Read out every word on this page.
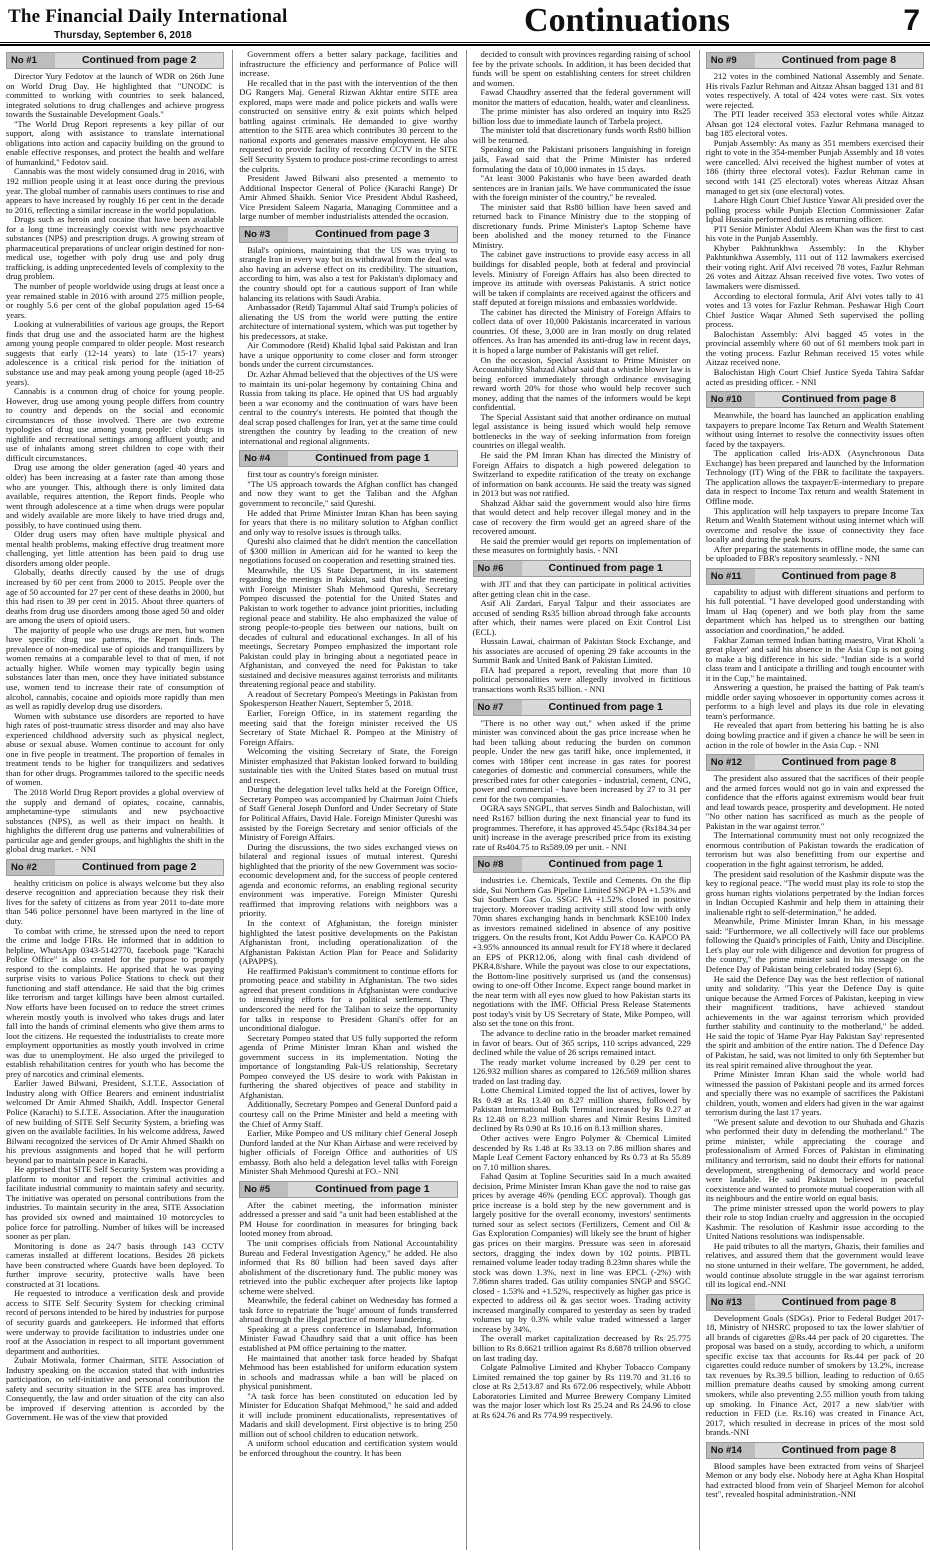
The Financial Daily International
Thursday, September 6, 2018	Continuations	7
No #1	Continued from page 2

Director Yury Fedotov at the launch of WDR on 26th June on World Drug Day. He highlighted that "UNODC is committed to working with countries to seek balanced, integrated solutions to drug challenges and achieve progress towards the Sustainable Development Goals."

"The World Drug Report represents a key pillar of our support, along with assistance to translate international obligations into action and capacity building on the ground to enable effective responses, and protect the health and welfare of humankind," Fedotov said.

Cannabis was the most widely consumed drug in 2016, with 192 million people using it at least once during the previous year. The global number of cannabis users continues to rise and appears to have increased by roughly 16 per cent in the decade to 2016, reflecting a similar increase in the world population.

Drugs such as heroin and cocaine that have been available for a long time increasingly coexist with new psychoactive substances (NPS) and prescription drugs. A growing stream of pharmaceutical preparations of unclear origin destined for non-medical use, together with poly drug use and poly drug trafficking, is adding unprecedented levels of complexity to the drug problem.

The number of people worldwide using drugs at least once a year remained stable in 2016 with around 275 million people, or roughly 5.6 per cent of the global population aged 15-64 years.

Looking at vulnerabilities of various age groups, the Report finds that drug use and the associated harm are the highest among young people compared to older people. Most research suggests that early (12-14 years) to late (15-17 years) adolescence is a critical risk period for the initiation of substance use and may peak among young people (aged 18-25 years).

Cannabis is a common drug of choice for young people. However, drug use among young people differs from country to country and depends on the social and economic circumstances of those involved. There are two extreme typologies of drug use among young people: club drugs in nightlife and recreational settings among affluent youth; and use of inhalants among street children to cope with their difficult circumstances.

Drug use among the older generation (aged 40 years and older) has been increasing at a faster rate than among those who are younger. This, although there is only limited data available, requires attention, the Report finds. People who went through adolescence at a time when drugs were popular and widely available are more likely to have tried drugs and, possibly, to have continued using them.

Older drug users may often have multiple physical and mental health problems, making effective drug treatment more challenging, yet little attention has been paid to drug use disorders among older people.

Globally, deaths directly caused by the use of drugs increased by 60 per cent from 2000 to 2015. People over the age of 50 accounted for 27 per cent of these deaths in 2000, but this had risen to 39 per cent in 2015. About three quarters of deaths from drug use disorders among those aged 50 and older are among the users of opioid users.

The majority of people who use drugs are men, but women have specific drug use patterns, the Report finds. The prevalence of non-medical use of opioids and tranquillizers by women remains at a comparable level to that of men, if not actually higher. While women may typically begin using substances later than men, once they have initiated substance use, women tend to increase their rate of consumption of alcohol, cannabis, cocaine and opioids more rapidly than men as well as rapidly develop drug use disorders.

Women with substance use disorders are reported to have high rates of post-traumatic stress disorder and may also have experienced childhood adversity such as physical neglect, abuse or sexual abuse. Women continue to account for only one in five people in treatment. The proportion of females in treatment tends to be higher for tranquilizers and sedatives than for other drugs. Programmes tailored to the specific needs of women.

The 2018 World Drug Report provides a global overview of the supply and demand of opiates, cocaine, cannabis, amphetamine-type stimulants and new psychoactive substances (NPS), as well as their impact on health. It highlights the different drug use patterns and vulnerabilities of particular age and gender groups, and highlights the shift in the global drug market. - NNI

No #2	Continued from page 2

healthy criticism on police is always welcome but they also deserve recognition and appreciation because they risk their lives for the safety of citizens as from year 2011 to-date more than 546 police personnel have been martyred in the line of duty.

To combat with crime, he stressed upon the need to report the crime and lodge FIRs. He informed that in addition to helpline, WhatsApp 0343-5142770, facebook page "Karachi Police Office" is also created for the purpose to promptly respond to the complaints. He apprised that he was paying surprise visits to various Police Stations to check out their functioning and staff attendance. He said that the big crimes like terrorism and target killings have been almost curtailed. Now efforts have been focused on to reduce the street crimes wherein mostly youth is involved who takes drugs and later fall into the hands of criminal elements who give them arms to loot the citizens. He requested the industrialists to create more employment opportunities as mostly youth involved in crime was due to unemployment. He also urged the privileged to establish rehabilitation centres for youth who has become the prey of narcotics and criminal elements.

Earlier Jawed Bilwani, President, S.I.T.E. Association of Industry along with Office Bearers and eminent industrialist welcomed Dr Amir Ahmed Shaikh, Addl. Inspector General Police (Karachi) to S.I.T.E. Association. After the inauguration of new building of SITE Self Security System, a briefing was given on the available facilities. In his welcome address, Jawed Bilwani recognized the services of Dr Amir Ahmed Shaikh on his previous assignments and hoped that he will perform beyond par to maintain peace in Karachi.

He apprised that SITE Self Security System was providing a platform to monitor and report the criminal activities and facilitate industrial community to maintain safety and security. The initiative was operated on personal contributions from the industries. To maintain security in the area, SITE Association has provided six owned and maintained 10 motorcycles to police force for patrolling. Number of bikes will be increased sooner as per plan.

Monitoring is done as 24/7 basis through 143 CCTV cameras installed at different locations. Besides 28 pickets have been constructed where Guards have been deployed. To further improve security, protective walls have been constructed at 31 locations.

He requested to introduce a verification desk and provide access to SITE Self Security System for checking criminal record of persons intended to be hired by industries for purpose of security guards and gatekeepers. He informed that efforts were underway to provide facilitation to industries under one roof at the Association in respect to all important government department and authorities.

Zubair Motiwala, former Chairman, SITE Association of Industry speaking on the occasion stated that with industries participation, on self-initiative and personal contribution the safety and security situation in the SITE area has improved. Consequently, the law and order situation of the city can also be improved if deserving attention is accorded by the Government. He was of the view that provided

Government offers a better salary package, facilities and infrastructure the efficiency and performance of Police will increase.

He recalled that in the past with the intervention of the then DG Rangers Maj. General Rizwan Akhtar entire SITE area explored, maps were made and police pickets and walls were constructed on sensitive entry & exit points which helped battling against criminals. He demanded to give worthy attention to the SITE area which contributes 30 percent to the national exports and generates massive employment. He also requested to provide facility of recording CCTV in the SITE Self Security System to produce post-crime recordings to arrest the culprits.

President Jawed Bilwani also presented a memento to Additional Inspector General of Police (Karachi Range) Dr Amir Ahmed Shaikh. Senior Vice President Abdul Rasheed, Vice President Saleem Nagaria, Managing Committee and a large number of member industrialists attended the occasion.

No #3	Continued from page 3

Bilal's opinions, maintaining that the US was trying to strangle Iran in every way but its withdrawal from the deal was also having an adverse effect on its credibility. The situation, according to him, was also a test for Pakistan's diplomacy and the country should opt for a cautious support of Iran while balancing its relations with Saudi Arabia.

Ambassador (Retd) Tajammul Altaf said Trump's policies of alienating the US from the world were putting the entire architecture of international system, which was put together by his predecessors, at stake.

Air Commodore (Retd) Khalid Iqbal said Pakistan and Iran have a unique opportunity to come closer and form stronger bonds under the current circumstances.

Dr. Azhar Ahmad believed that the objectives of the US were to maintain its uni-polar hegemony by containing China and Russia from taking its place. He opined that US had arguably been a war economy and the continuation of wars have been central to the country's interests. He pointed that though the deal scrap posed challenges for Iran, yet at the same time could strengthen the country by leading to the creation of new international and regional alignments.

No #4	Continued from page 1

first tour as country's foreign minister.

"The US approach towards the Afghan conflict has changed and now they want to get the Taliban and the Afghan government to reconcile," said Qureshi.

He added that Prime Minister Imran Khan has been saying for years that there is no military solution to Afghan conflict and only way to resolve issues is through talks.

Qureshi also claimed that he didn't mention the cancellation of $300 million in American aid for he wanted to keep the negotiations focused on cooperation and resetting strained ties.

Meanwhile, the US State Department, in its statement regarding the meetings in Pakistan, said that while meeting with Foreign Minister Shah Mehmood Qureshi, Secretary Pompeo discussed the potential for the United States and Pakistan to work together to advance joint priorities, including regional peace and stability. He also emphasized the value of strong people-to-people ties between our nations, built on decades of cultural and educational exchanges. In all of his meetings, Secretary Pompeo emphasized the important role Pakistan could play in bringing about a negotiated peace in Afghanistan, and conveyed the need for Pakistan to take sustained and decisive measures against terrorists and militants threatening regional peace and stability.

A readout of Secretary Pompeo's Meetings in Pakistan from Spokesperson Heather Nauert, September 5, 2018.

Earlier, Foreign Office, in its statement regarding the meeting said that the foreign minister received the US Secretary of State Michael R. Pompeo at the Ministry of Foreign Affairs.

Welcoming the visiting Secretary of State, the Foreign Minister emphasized that Pakistan looked forward to building sustainable ties with the United States based on mutual trust and respect.

During the delegation level talks held at the Foreign Office, Secretary Pompeo was accompanied by Chairman Joint Chiefs of Staff General Joseph Dunford and Under Secretary of State for Political Affairs, David Hale. Foreign Minister Qureshi was assisted by the Foreign Secretary and senior officials of the Ministry of Foreign Affairs.

During the discussions, the two sides exchanged views on bilateral and regional issues of mutual interest. Qureshi highlighted that the priority of the new Government was socio-economic development and, for the success of people centered agenda and economic reforms, an enabling regional security environment was imperative. Foreign Minister Qureshi reaffirmed that improving relations with neighbors was a priority.

In the context of Afghanistan, the foreign minister highlighted the latest positive developments on the Pakistan Afghanistan front, including operationalization of the Afghanistan Pakistan Action Plan for Peace and Solidarity (APAPPS).

He reaffirmed Pakistan's commitment to continue efforts for promoting peace and stability in Afghanistan. The two sides agreed that present conditions in Afghanistan were conducive to intensifying efforts for a political settlement. They underscored the need for the Taliban to seize the opportunity for talks in response to President Ghani's offer for an unconditional dialogue.

Secretary Pompeo stated that US fully supported the reform agenda of Prime Minister Imran Khan and wished the government success in its implementation. Noting the importance of longstanding Pak-US relationship, Secretary Pompeo conveyed the US desire to work with Pakistan in furthering the shared objectives of peace and stability in Afghanistan.

Additionally, Secretary Pompeo and General Dunford paid a courtesy call on the Prime Minister and held a meeting with the Chief of Army Staff.

Earlier, Mike Pompeo and US military chief General Joseph Dunford landed at the Nur Khan Airbase and were received by higher officials of Foreign Office and authorities of US embassy. Both also held a delegation level talks with Foreign Minister Shah Mehmood Qureshi at FO.- NNI

No #5	Continued from page 1

After the cabinet meeting, the information minister addressed a presser and said "a unit had been established at the PM House for coordination in measures for bringing back looted money from abroad.

The unit comprises officials from National Accountability Bureau and Federal Investigation Agency," he added. He also informed that Rs 80 billion had been saved days after abolishment of the discretionary fund. The public money was retrieved into the public exchequer after projects like laptop scheme were shelved.

Meanwhile, the federal cabinet on Wednesday has formed a task force to repatriate the 'huge' amount of funds transferred abroad through the illegal practice of money laundering.

Speaking at a press conference in Islamabad, Information Minister Fawad Chaudhry said that a unit office has been established at PM office pertaining to the matter.

He maintained that another task force headed by Shafqat Mehmood has been established for uniform education system in schools and madrassas while a ban will be placed on physical punishment.

"A task force has been constituted on education led by Minister for Education Shafqat Mehmood," he said and added it will include prominent educationalists, representatives of Madaris and skill development. First objective is to bring 250 million out of school children to education network.

A uniform school education and certification system would be enforced throughout the country. It has been

decided to consult with provinces regarding raising of school fee by the private schools. In addition, it has been decided that funds will be spent on establishing centers for street children and women.

Fawad Chaudhry asserted that the federal government will monitor the matters of education, health, water and cleanliness.

The prime minister has also ordered an inquiry into Rs25 billion loss due to immediate launch of Tarbela project.

The minister told that discretionary funds worth Rs80 billion will be returned.

Speaking on the Pakistani prisoners languishing in foreign jails, Fawad said that the Prime Minister has ordered formulating the data of 10,000 inmates in 15 days.

"At least 3000 Pakistanis who have been awarded death sentences are in Iranian jails. We have communicated the issue with the foreign minister of the country," he revealed.

The minister said that Rs80 billion have been saved and returned back to Finance Ministry due to the stopping of discretionary funds. Prime Minister's Laptop Scheme have been abolished and the money returned to the Finance Ministry.

The cabinet gave instructions to provide easy access in all buildings for disabled people, both at federal and provincial levels. Ministry of Foreign Affairs has also been directed to improve its attitude with overseas Pakistanis. A strict notice will be taken if complaints are received against the officers and staff deputed at foreign missions and embassies worldwide.

The cabinet has directed the Ministry of Foreign Affairs to collect data of over 10,000 Pakistanis incarcerated in various countries. Of these, 3,000 are in Iran mostly on drug related offences. As Iran has amended its anti-drug law in recent days, it is hoped a large number of Pakistanis will get relief.

On the occasion, Special Assistant to Prime Minister on Accountability Shahzad Akbar said that a whistle blower law is being enforced immediately through ordinance envisaging reward worth 20% for those who would help recover such money, adding that the names of the informers would be kept confidential.

The Special Assistant said that another ordinance on mutual legal assistance is being issued which would help remove bottlenecks in the way of seeking information from foreign countries on illegal wealth.

He said the PM Imran Khan has directed the Ministry of Foreign Affairs to dispatch a high powered delegation to Switzerland to expedite ratification of the treaty on exchange of information on bank accounts. He said the treaty was signed in 2013 but was not ratified.

Shahzad Akbar said the government would also hire firms that would detect and help recover illegal money and in the case of recovery the firm would get an agreed share of the recovered amount.

He said the premier would get reports on implementation of these measures on fortnightly basis. - NNI

No #6	Continued from page 1

with JIT and that they can participate in political activities after getting clean chit in the case.

Asif Ali Zardari, Faryal Talpur and their associates are accused of sending Rs35 billion abroad through fake accounts after which, their names were placed on Exit Control List (ECL).

Hussain Lawai, chairman of Pakistan Stock Exchange, and his associates are accused of opening 29 fake accounts in the Summit Bank and United Bank of Pakistan Limited.

FIA had prepared a report, revealing that more than 10 political personalities were allegedly involved in fictitious transactions worth Rs35 billion. - NNI

No #7	Continued from page 1

"There is no other way out," when asked if the prime minister was convinced about the gas price increase when he had been talking about reducing the burden on common people. Under the new gas tariff hike, once implemented, it comes with 186per cent increase in gas rates for poorest categories of domestic and commercial consumers, while the prescribed rates for other categories - industrial, cement, CNG, power and commercial - have been increased by 27 to 31 per cent for the two companies.

OGRA says SNGPL, that serves Sindh and Balochistan, will need Rs167 billion during the next financial year to fund its programmes. Therefore, it has approved 45.54pc (Rs184.34 per unit) increase in the average prescribed price from its existing rate of Rs404.75 to Rs589.09 per unit. - NNI

No #8	Continued from page 1

industries i.e. Chemicals, Textile and Cements. On the flip side, Sui Northern Gas Pipeline Limited SNGP PA +1.53% and Sui Southern Gas Co. SSGC PA +1.52% closed in positive trajectory. Moreover trading activity still stood low with only 70mn shares exchanging hands in benchmark KSE100 Index as investors remained sidelined in absence of any positive triggers. On the results front, Kot Addu Power Co. KAPCO PA +3.95% announced its annual result for FY18 where it declared an EPS of PKR12.06, along with final cash dividend of PKR4.8/share. While the payout was close to our expectations, the Bottom-line positively surprised us (and the consensus) owing to one-off Other Income. Expect range bound market in the near term with all eyes now glued to how Pakistan starts its negotiations with the IMF. Official Press Release Statements post today's visit by US Secretary of State, Mike Pompeo, will also set the tone on this front.

The advance to decline ratio in the broader market remained in favor of bears. Out of 365 scrips, 110 scrips advanced, 229 declined while the value of 26 scrips remained intact.

The ready market volume increased by 0.29 per cent to 126.932 million shares as compared to 126.569 million shares traded on last trading day.

Lotte Chemical Limited topped the list of actives, lower by Rs 0.49 at Rs 13.40 on 8.27 million shares, followed by Pakistan International Bulk Terminal increased by Rs 0.27 at Rs 12.48 on 8.23 million shares and Nimir Resins Limited declined by Rs 0.90 at Rs 10.16 on 8.13 million shares.

Other actives were Engro Polymer & Chemical Limited descended by Rs 1.48 at Rs 33.13 on 7.86 million shares and Maple Leaf Cement Factory enhanced by Rs 0.73 at Rs 55.89 on 7.10 million shares.

Fahad Qasim at Topline Securities said In a much awaited decision, Prime Minister Imran Khan gave the nod to raise gas prices by average 46% (pending ECC approval). Though gas price increase is a bold step by the new government and is largely positive for the overall economy, investors' sentiments turned sour as select sectors (Fertilizers, Cement and Oil & Gas Exploration Companies) will likely see the brunt of higher gas prices on their margins. Pressure was seen in aforesaid sectors, dragging the index down by 102 points. PIBTL remained volume leader today trading 8.23mn shares while the stock was down 1.3%, next in line was EPCL (-2%) with 7.86mn shares traded. Gas utility companies SNGP and SSGC closed - 1.53% and +1.52%, respectively as higher gas price is expected to address oil & gas sector woes. Trading activity increased marginally compared to yesterday as seen by traded volumes up by 0.3% while value traded witnessed a larger increase by 34%.

The overall market capitalization decreased by Rs 25.775 billion to Rs 8.6621 trillion against Rs 8.6878 trillion observed on last trading day.

Colgate Palmolive Limited and Khyber Tobacco Company Limited remained the top gainer by Rs 119.70 and 31.16 to close at Rs 2,513.87 and Rs 672.06 respectively, while Abbott Laboratories Limited and Murree Brewery Company Limited was the major loser which lost Rs 25.24 and Rs 24.96 to close at Rs 624.76 and Rs 774.99 respectively.

No #9	Continued from page 8

212 votes in the combined National Assembly and Senate. His rivals Fazlur Rehman and Aitzaz Ahsan bagged 131 and 81 votes respectively. A total of 424 votes were cast. Six votes were rejected.

The PTI leader received 353 electoral votes while Aitzaz Ahsan got 124 electoral votes. Fazlur Rehmana managed to bag 185 electoral votes.

Punjab Assembly: As many as 351 members exercised their right to vote in the 354-member Punjab Assembly and 18 votes were cancelled. Alvi received the highest number of votes at 186 (thirty three electoral votes). Fazlur Rehman came in second with 141 (25 electoral) votes whereas Aitzaz Ahsan managed to get six (one electoral) votes.

Lahore High Court Chief Justice Yawar Ali presided over the polling process while Punjab Election Commissioner Zafar Iqbal Hussain performed duties as returning officer.

PTI Senior Minister Abdul Aleem Khan was the first to cast his vote in the Punjab Assembly.

Khyber Pakhtunkhwa Assembly: In the Khyber Pakhtunkhwa Assembly, 111 out of 112 lawmakers exercised their voting right. Arif Alvi received 78 votes, Fazlur Rehman 26 votes and Aitzaz Ahsan received five votes. Two votes of lawmakers were dismissed.

According to electoral formula, Arif Alvi votes tally to 41 votes and 13 votes for Fazlur Rehman. Peshawar High Court Chief Justice Waqar Ahmed Seth supervised the polling process.

Balochistan Assembly: Alvi bagged 45 votes in the provincial assembly where 60 out of 61 members took part in the voting process. Fazlur Rehman received 15 votes while Aitzaz received none.

Balochistan High Court Chief Justice Syeda Tahira Safdar acted as presiding officer. - NNI

No #10	Continued from page 8

Meanwhile, the board has launched an application enabling taxpayers to prepare Income Tax Return and Wealth Statement without using Internet to resolve the connectivity issues often faced by the taxpayers.

The application called Iris-ADX (Asynchronous Data Exchange) has been prepared and launched by the Information Technology (IT) Wing of the FBR to facilitate the taxpayers. The application allows the taxpayer/E-intermediary to prepare data in respect to Income Tax return and wealth Statement in Offline mode.

This application will help taxpayers to prepare Income Tax Return and Wealth Statement without using internet which will overcome and resolve the issue of connectivity they face locally and during the peak hours.

After preparing the statements in offline mode, the same can be uploaded to FBR's repository seamlessly. - NNI

No #11	Continued from page 8

capability to adjust with different situations and perform to his full potential. "I have developed good understanding with Imam ul Haq (opener) and we both play from the same department which has helped us to strengthen our batting association and coordination," he added.

Fakhar Zaman termed Indian batting maestro, Virat Kholi 'a great player' and said his absence in the Asia Cup is not going to make a big difference in his side. "Indian side is a world class team and I anticipate a thrilling and tough encounter with it in the Cup," he maintained.

Answering a question, he praised the batting of Pak team's middle order saying whosoever in opportunity comes across it performs to a high level and plays its due role in elevating team's performance.

He revealed that apart from bettering his batting he is also doing bowling practice and if given a chance he will be seen in action in the role of bowler in the Asia Cup. - NNI

No #12	Continued from page 8

The president also assured that the sacrifices of their people and the armed forces would not go in vain and expressed the confidence that the efforts against extremism would bear fruit and lead towards peace, prosperity and development. He noted "No other nation has sacrificed as much as the people of Pakistan in the war against terror."

The International community must not only recognized the enormous contribution of Pakistan towards the eradication of terrorism but was also benefitting from our expertise and cooperation in the fight against terrorism, he added.

The president said resolution of the Kashmir dispute was the key to regional peace. "The world must play its role to stop the gross human rights violations perpetrated by the Indian forces in Indian Occupied Kashmir and help them in attaining their inalienable right to self-determination," he added.

Meanwhile, Prime Minister Imran Khan, in his message said: "Furthermore, we all collectively will face our problems following the Quaid's principles of Faith, Unity and Discipline. Let's play our role with diligence and devotion for progress of the country," the prime minister said in his message on the Defence Day of Pakistan being celebrated today (Sept 6).

He said the Defence Day was the best reflection of national unity and solidarity. "This year the Defence Day is quite unique because the Armed Forces of Pakistan, keeping in view their magnificent traditions, have achieved standout achievements in the war against terrorism which provided further stability and continuity to the motherland," he added. He said the topic of 'Hame Pyar Hay Pakistan Say' represented the spirit and ambition of the entire nation. The d Defence Day of Pakistan, he said, was not limited to only 6th September but its real spirit remained alive throughout the year.

Prime Minister Imran Khan said the whole world had witnessed the passion of Pakistani people and its armed forces and specially there was no example of sacrifices the Pakistani children, youth, women and elders had given in the war against terrorism during the last 17 years.

"We present salute and devotion to our Shuhada and Ghazis who performed their duty in defending the motherland." The prime minister, while appreciating the courage and professionalism of Armed Forces of Pakistan in eliminating militancy and terrorism, said no doubt their efforts for national development, strengthening of democracy and world peace were laudable. He said Pakistan believed in peaceful coexistence and wanted to promote mutual cooperation with all its neighbours and the entire world on equal basis.

The prime minister stressed upon the world powers to play their role to stop Indian cruelty and aggression in the occupied Kashmir. The resolution of Kashmir issue according to the United Nations resolutions was indispensable.

He paid tributes to all the martyrs, Ghazis, their families and relatives, and assured them that the government would leave no stone unturned in their welfare. The government, he added, would continue absolute struggle in the war against terrorism till its logical end.-NNI

No #13	Continued from page 8

Development Goals (SDGs). Prior to Federal Budget 2017-18, Ministry of NHSRC proposed to tax the lower slab/tier of all brands of cigarettes @Rs.44 per pack of 20 cigarettes. The proposal was based on a study, according to which, a uniform specific excise tax that accounts for Rs.44 per pack of 20 cigarettes could reduce number of smokers by 13.2%, increase tax revenues by Rs.39.5 billion, leading to reduction of 0.65 million premature deaths caused by smoking among current smokers, while also preventing 2.55 million youth from taking up smoking. In Finance Act, 2017 a new slab/tier with reduction in FED (i.e. Rs.16) was created in Finance Act, 2017, which resulted in decrease in prices of the most sold brands.-NNI

No #14	Continued from page 8

Blood samples have been extracted from veins of Sharjeel Memon or any body else. Nobody here at Agha Khan Hospital had extracted blood from vein of Sharjeel Memon for alcohol test", revealed hospital administration.-NNI
